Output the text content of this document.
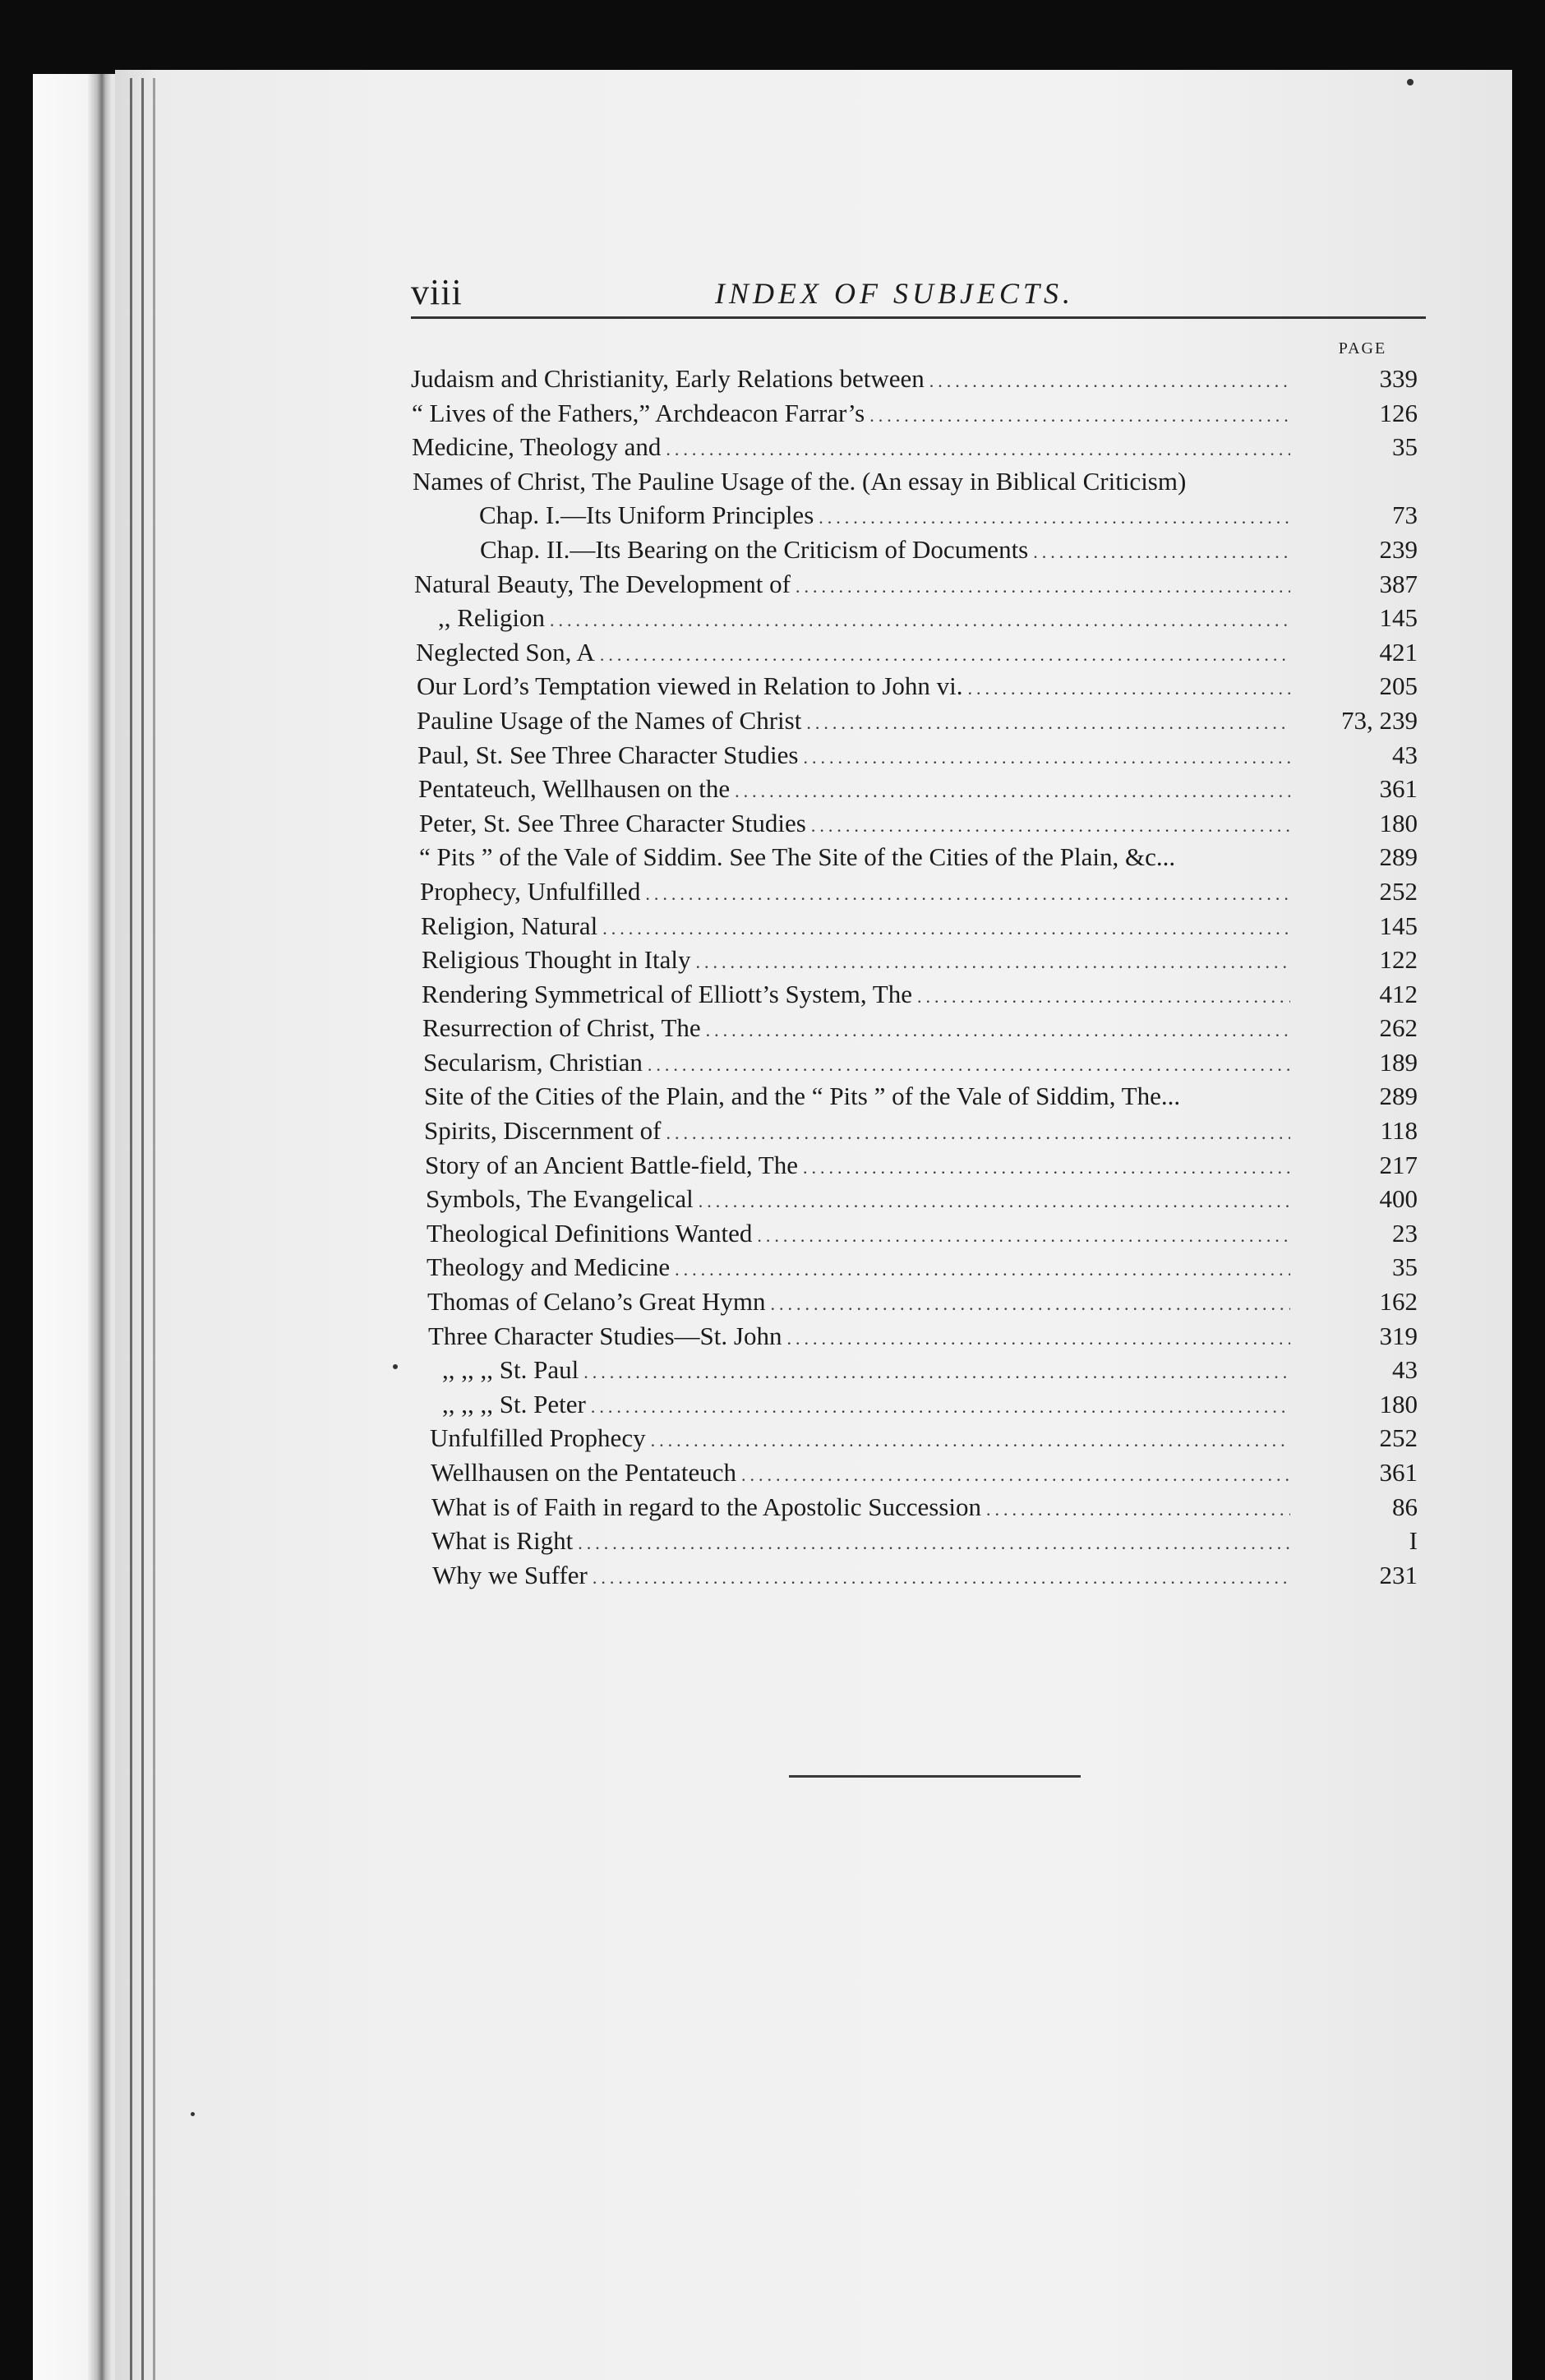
viii	INDEX OF SUBJECTS.
PAGE
Judaism and Christianity, Early Relations between .....	339
“ Lives of the Fathers,” Archdeacon Farrar’s .....	126
Medicine, Theology and .....	35
Names of Christ, The Pauline Usage of the. (An essay in Biblical Criticism)
Chap. I.—Its Uniform Principles .....	73
Chap. II.—Its Bearing on the Criticism of Documents .....	239
Natural Beauty, The Development of .....	387
,, Religion .....	145
Neglected Son, A .....	421
Our Lord’s Temptation viewed in Relation to John vi. .....	205
Pauline Usage of the Names of Christ .....	73, 239
Paul, St. See Three Character Studies .....	43
Pentateuch, Wellhausen on the .....	361
Peter, St. See Three Character Studies .....	180
“ Pits ” of the Vale of Siddim. See The Site of the Cities of the Plain, &c...	289
Prophecy, Unfulfilled .....	252
Religion, Natural .....	145
Religious Thought in Italy .....	122
Rendering Symmetrical of Elliott’s System, The .....	412
Resurrection of Christ, The .....	262
Secularism, Christian .....	189
Site of the Cities of the Plain, and the “ Pits ” of the Vale of Siddim, The...	289
Spirits, Discernment of .....	118
Story of an Ancient Battle-field, The .....	217
Symbols, The Evangelical .....	400
Theological Definitions Wanted .....	23
Theology and Medicine .....	35
Thomas of Celano’s Great Hymn .....	162
Three Character Studies—St. John .....	319
,, ,, ,, St. Paul .....	43
,, ,, ,, St. Peter .....	180
Unfulfilled Prophecy .....	252
Wellhausen on the Pentateuch .....	361
What is of Faith in regard to the Apostolic Succession .....	86
What is Right .....	I
Why we Suffer .....	231
